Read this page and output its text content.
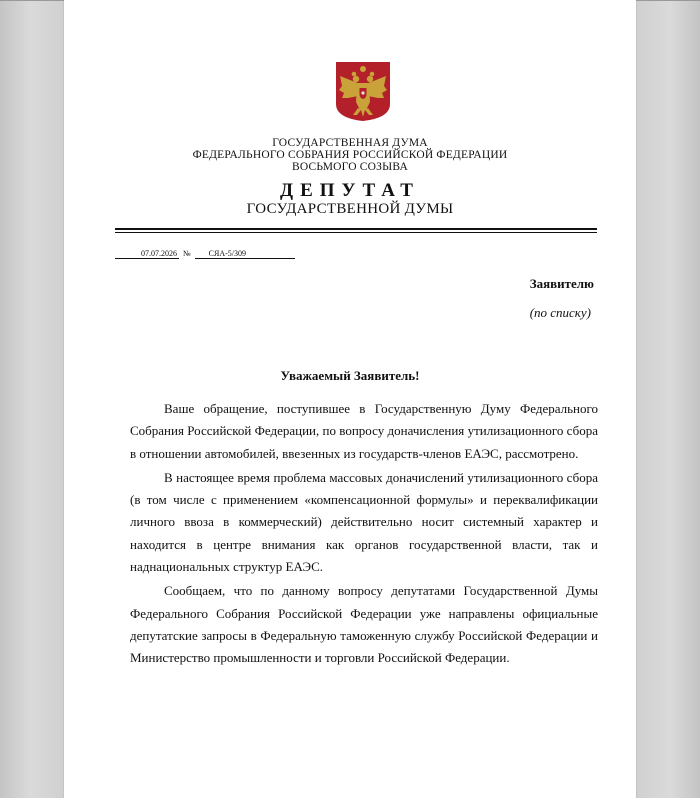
ГОСУДАРСТВЕННАЯ ДУМА
ФЕДЕРАЛЬНОГО СОБРАНИЯ РОССИЙСКОЙ ФЕДЕРАЦИИ
ВОСЬМОГО СОЗЫВА
ДЕПУТАТ
ГОСУДАРСТВЕННОЙ ДУМЫ
07.07.2026 № СЯА-5/309
Заявителю
(по списку)
Уважаемый Заявитель!

Ваше обращение, поступившее в Государственную Думу Федерального Собрания Российской Федерации, по вопросу доначисления утилизационного сбора в отношении автомобилей, ввезенных из государств-членов ЕАЭС, рассмотрено.

В настоящее время проблема массовых доначислений утилизационного сбора (в том числе с применением «компенсационной формулы» и переквалификации личного ввоза в коммерческий) действительно носит системный характер и находится в центре внимания как органов государственной власти, так и наднациональных структур ЕАЭС.

Сообщаем, что по данному вопросу депутатами Государственной Думы Федерального Собрания Российской Федерации уже направлены официальные депутатские запросы в Федеральную таможенную службу Российской Федерации и Министерство промышленности и торговли Российской Федерации.
